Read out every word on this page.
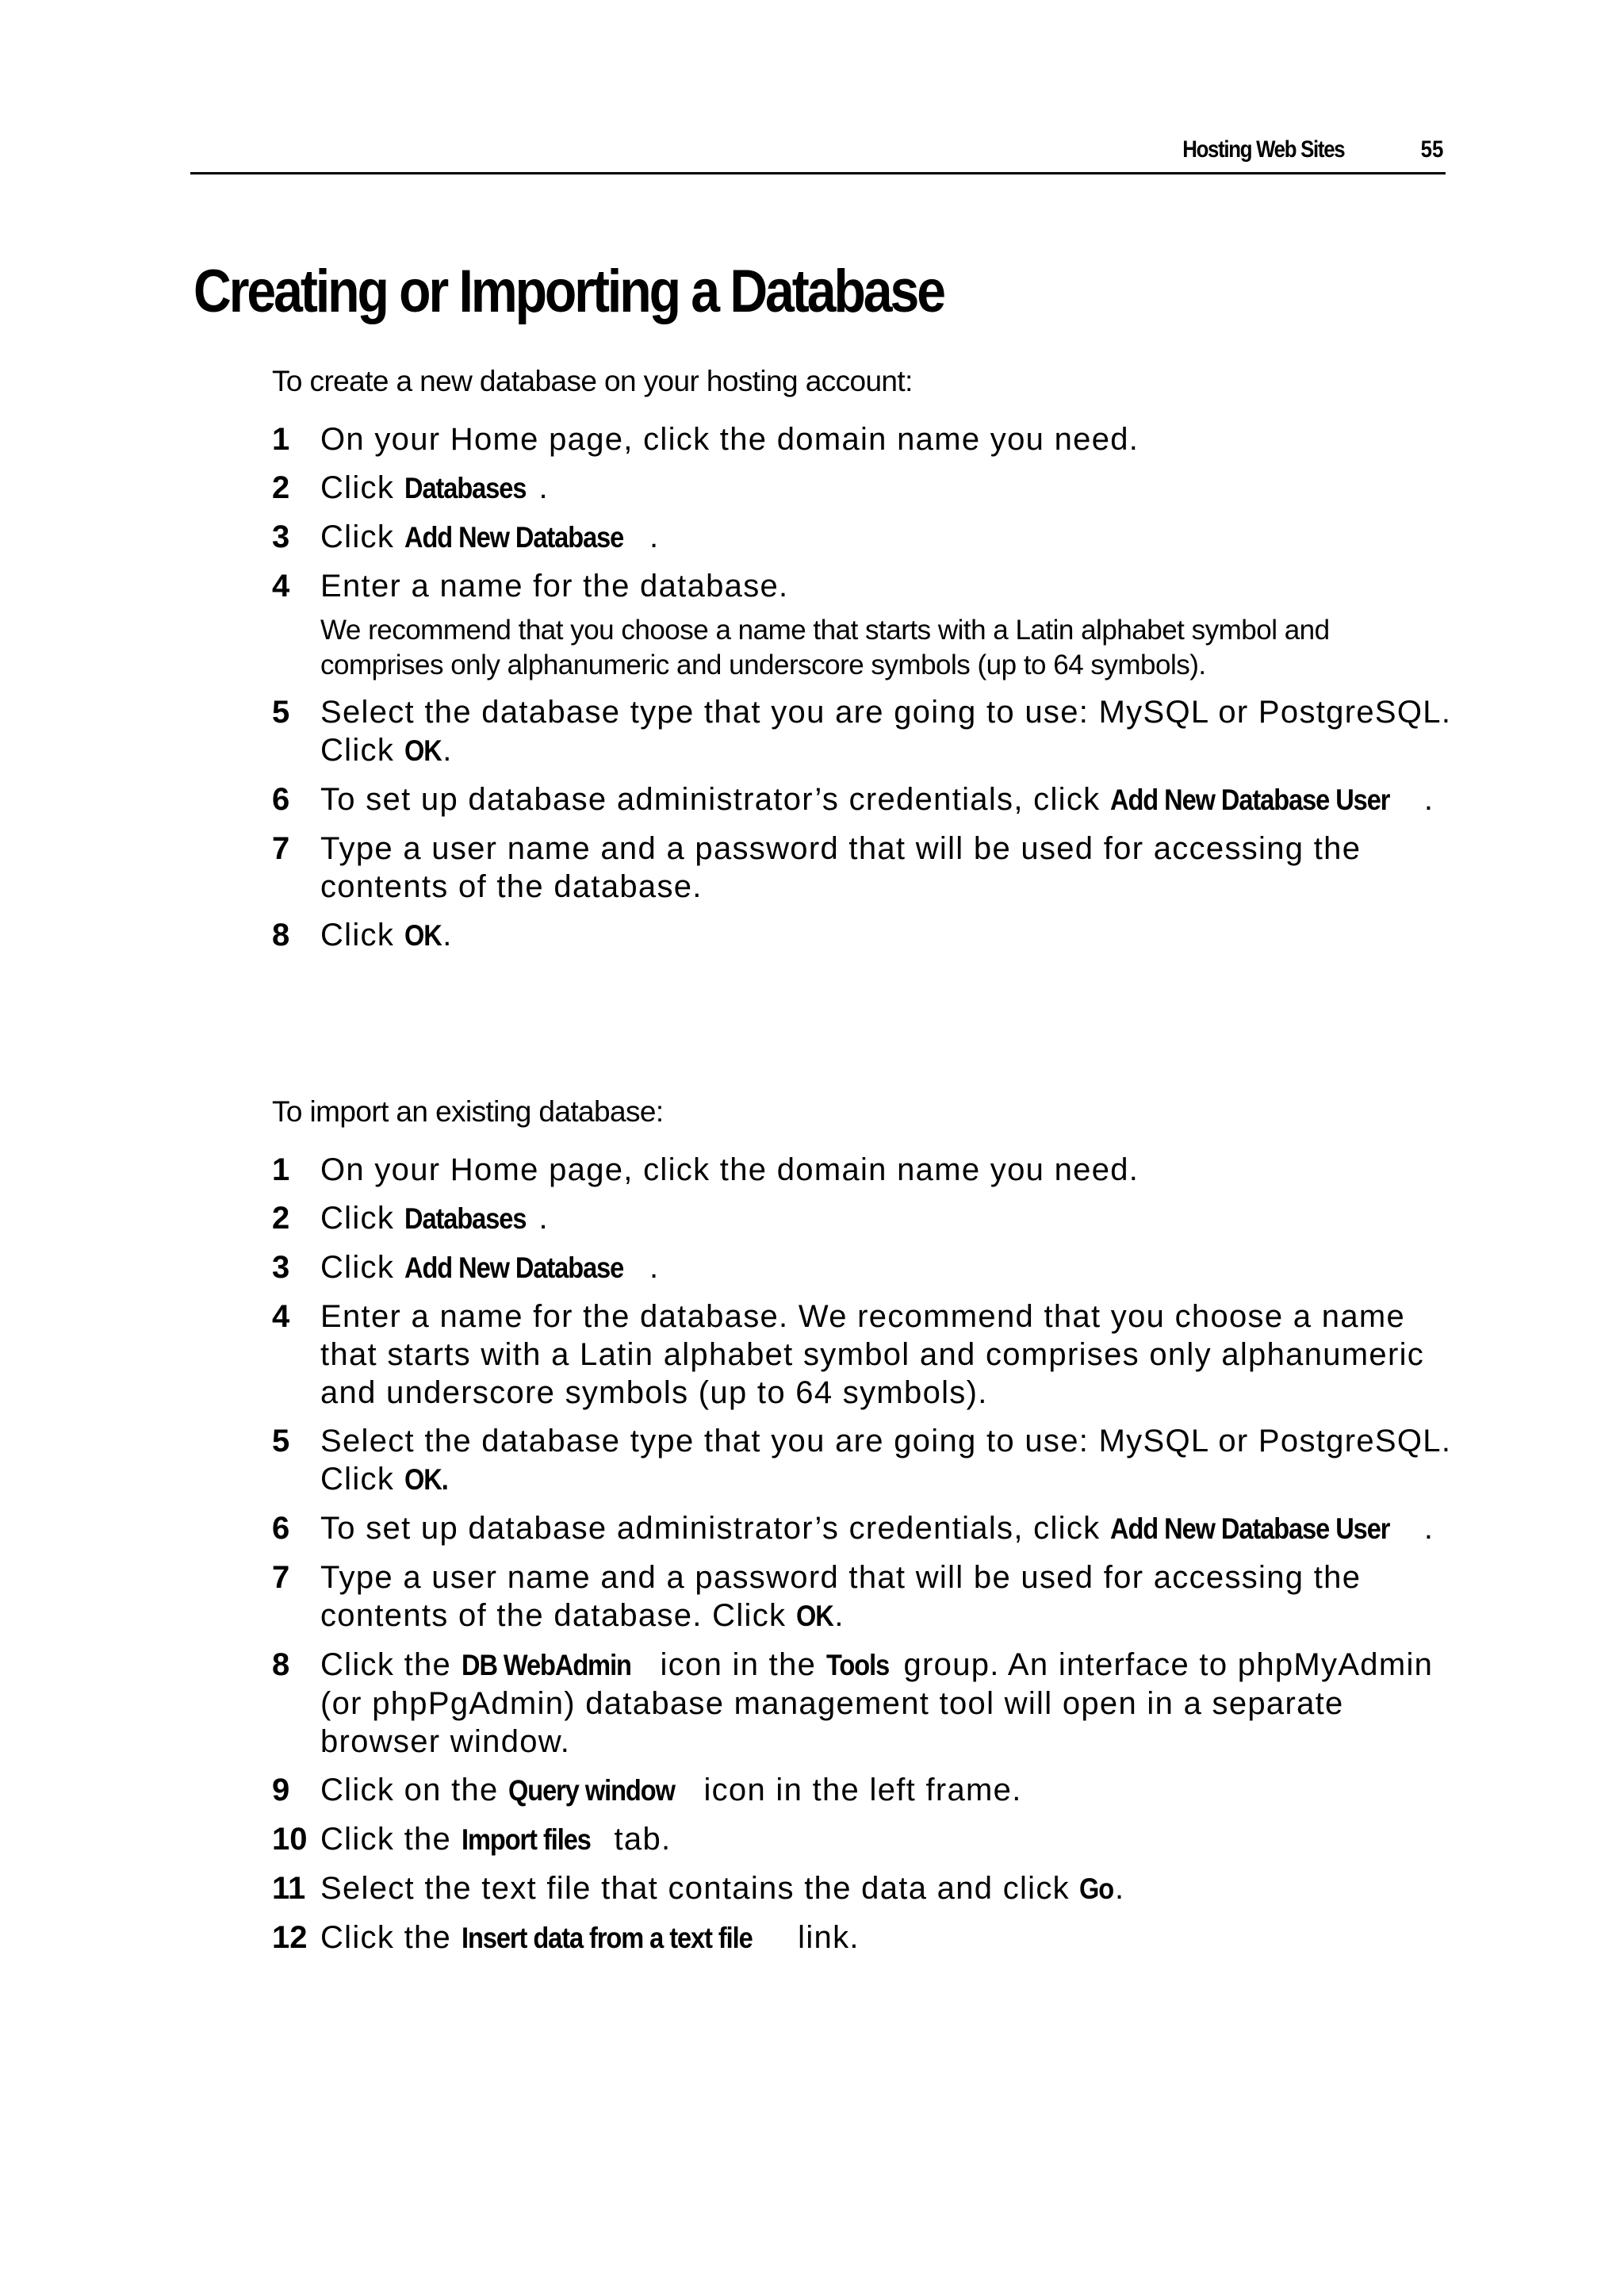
Hosting Web Sites	55
Creating or Importing a Database

To create a new database on your hosting account:

1 On your Home page, click the domain name you need.
2 Click Databases .
3 Click Add New Database .
4 Enter a name for the database.
We recommend that you choose a name that starts with a Latin alphabet symbol and comprises only alphanumeric and underscore symbols (up to 64 symbols).
5 Select the database type that you are going to use: MySQL or PostgreSQL. Click OK.
6 To set up database administrator’s credentials, click Add New Database User .
7 Type a user name and a password that will be used for accessing the contents of the database.
8 Click OK.

To import an existing database:

1 On your Home page, click the domain name you need.
2 Click Databases .
3 Click Add New Database .
4 Enter a name for the database. We recommend that you choose a name that starts with a Latin alphabet symbol and comprises only alphanumeric and underscore symbols (up to 64 symbols).
5 Select the database type that you are going to use: MySQL or PostgreSQL. Click OK.
6 To set up database administrator’s credentials, click Add New Database User .
7 Type a user name and a password that will be used for accessing the contents of the database. Click OK.
8 Click the DB WebAdmin icon in the Tools group. An interface to phpMyAdmin (or phpPgAdmin) database management tool will open in a separate browser window.
9 Click on the Query window icon in the left frame.
10 Click the Import files tab.
11 Select the text file that contains the data and click Go.
12 Click the Insert data from a text file link.
